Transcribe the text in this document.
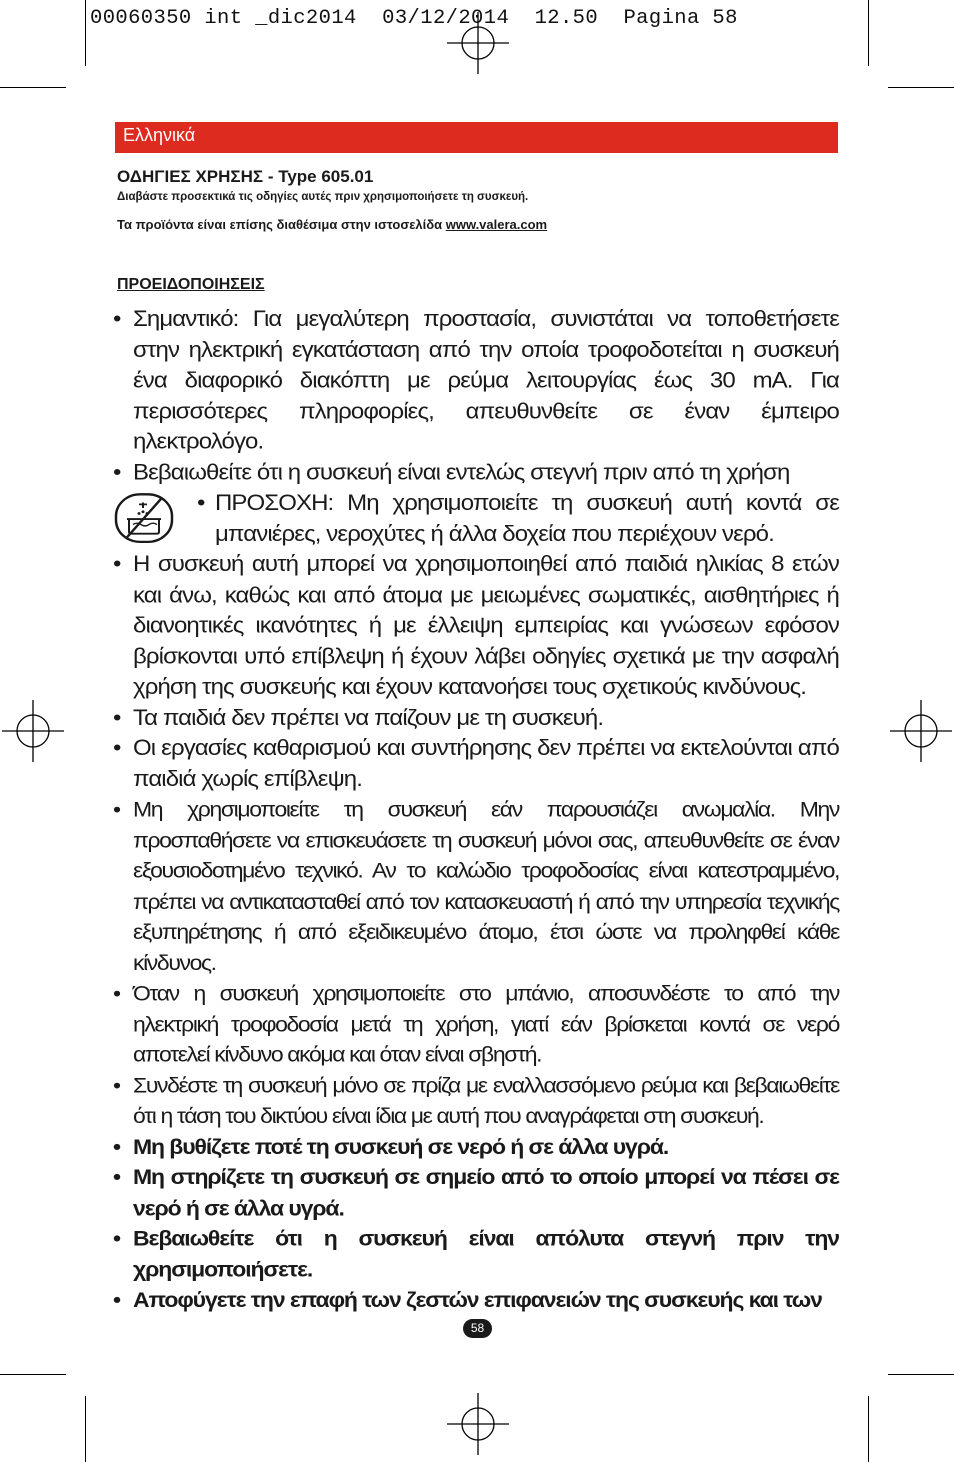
00060350 int _dic2014  03/12/2014  12.50  Pagina 58
Ελληνικά
ΟΔΗΓΙΕΣ ΧΡΗΣΗΣ - Type 605.01
Διαβάστε προσεκτικά τις οδηγίες αυτές πριν χρησιμοποιήσετε τη συσκευή.
Τα προϊόντα είναι επίσης διαθέσιμα στην ιστοσελίδα www.valera.com
ΠΡΟΕΙΔΟΠΟΙΗΣΕΙΣ
• Σημαντικό: Για μεγαλύτερη προστασία, συνιστάται να τοποθετήσετε στην ηλεκτρική εγκατάσταση από την οποία τροφοδοτείται η συσκευή ένα διαφορικό διακόπτη με ρεύμα λειτουργίας έως 30 mA. Για περισσότερες πληροφορίες, απευθυνθείτε σε έναν έμπειρο ηλεκτρολόγο.
• Βεβαιωθείτε ότι η συσκευή είναι εντελώς στεγνή πριν από τη χρήση
• ΠΡΟΣΟΧΗ: Μη χρησιμοποιείτε τη συσκευή αυτή κοντά σε μπανιέρες, νεροχύτες ή άλλα δοχεία που περιέχουν νερό.
• Η συσκευή αυτή μπορεί να χρησιμοποιηθεί από παιδιά ηλικίας 8 ετών και άνω, καθώς και από άτομα με μειωμένες σωματικές, αισθητήριες ή διανοητικές ικανότητες ή με έλλειψη εμπειρίας και γνώσεων εφόσον βρίσκονται υπό επίβλεψη ή έχουν λάβει οδηγίες σχετικά με την ασφαλή χρήση της συσκευής και έχουν κατανοήσει τους σχετικούς κινδύνους.
• Τα παιδιά δεν πρέπει να παίζουν με τη συσκευή.
• Οι εργασίες καθαρισμού και συντήρησης δεν πρέπει να εκτελούνται από παιδιά χωρίς επίβλεψη.
• Μη χρησιμοποιείτε τη συσκευή εάν παρουσιάζει ανωμαλία. Μην προσπαθήσετε να επισκευάσετε τη συσκευή μόνοι σας, απευθυνθείτε σε έναν εξουσιοδοτημένο τεχνικό. Αν το καλώδιο τροφοδοσίας είναι κατεστραμμένο, πρέπει να αντικατασταθεί από τον κατασκευαστή ή από την υπηρεσία τεχνικής εξυπηρέτησης ή από εξειδικευμένο άτομο, έτσι ώστε να προληφθεί κάθε κίνδυνος.
• Όταν η συσκευή χρησιμοποιείτε στο μπάνιο, αποσυνδέστε το από την ηλεκτρική τροφοδοσία μετά τη χρήση, γιατί εάν βρίσκεται κοντά σε νερό αποτελεί κίνδυνο ακόμα και όταν είναι σβηστή.
• Συνδέστε τη συσκευή μόνο σε πρίζα με εναλλασσόμενο ρεύμα και βεβαιωθείτε ότι η τάση του δικτύου είναι ίδια με αυτή που αναγράφεται στη συσκευή.
• Μη βυθίζετε ποτέ τη συσκευή σε νερό ή σε άλλα υγρά.
• Μη στηρίζετε τη συσκευή σε σημείο από το οποίο μπορεί να πέσει σε νερό ή σε άλλα υγρά.
• Βεβαιωθείτε ότι η συσκευή είναι απόλυτα στεγνή πριν την χρησιμοποιήσετε.
• Αποφύγετε την επαφή των ζεστών επιφανειών της συσκευής και των
58
